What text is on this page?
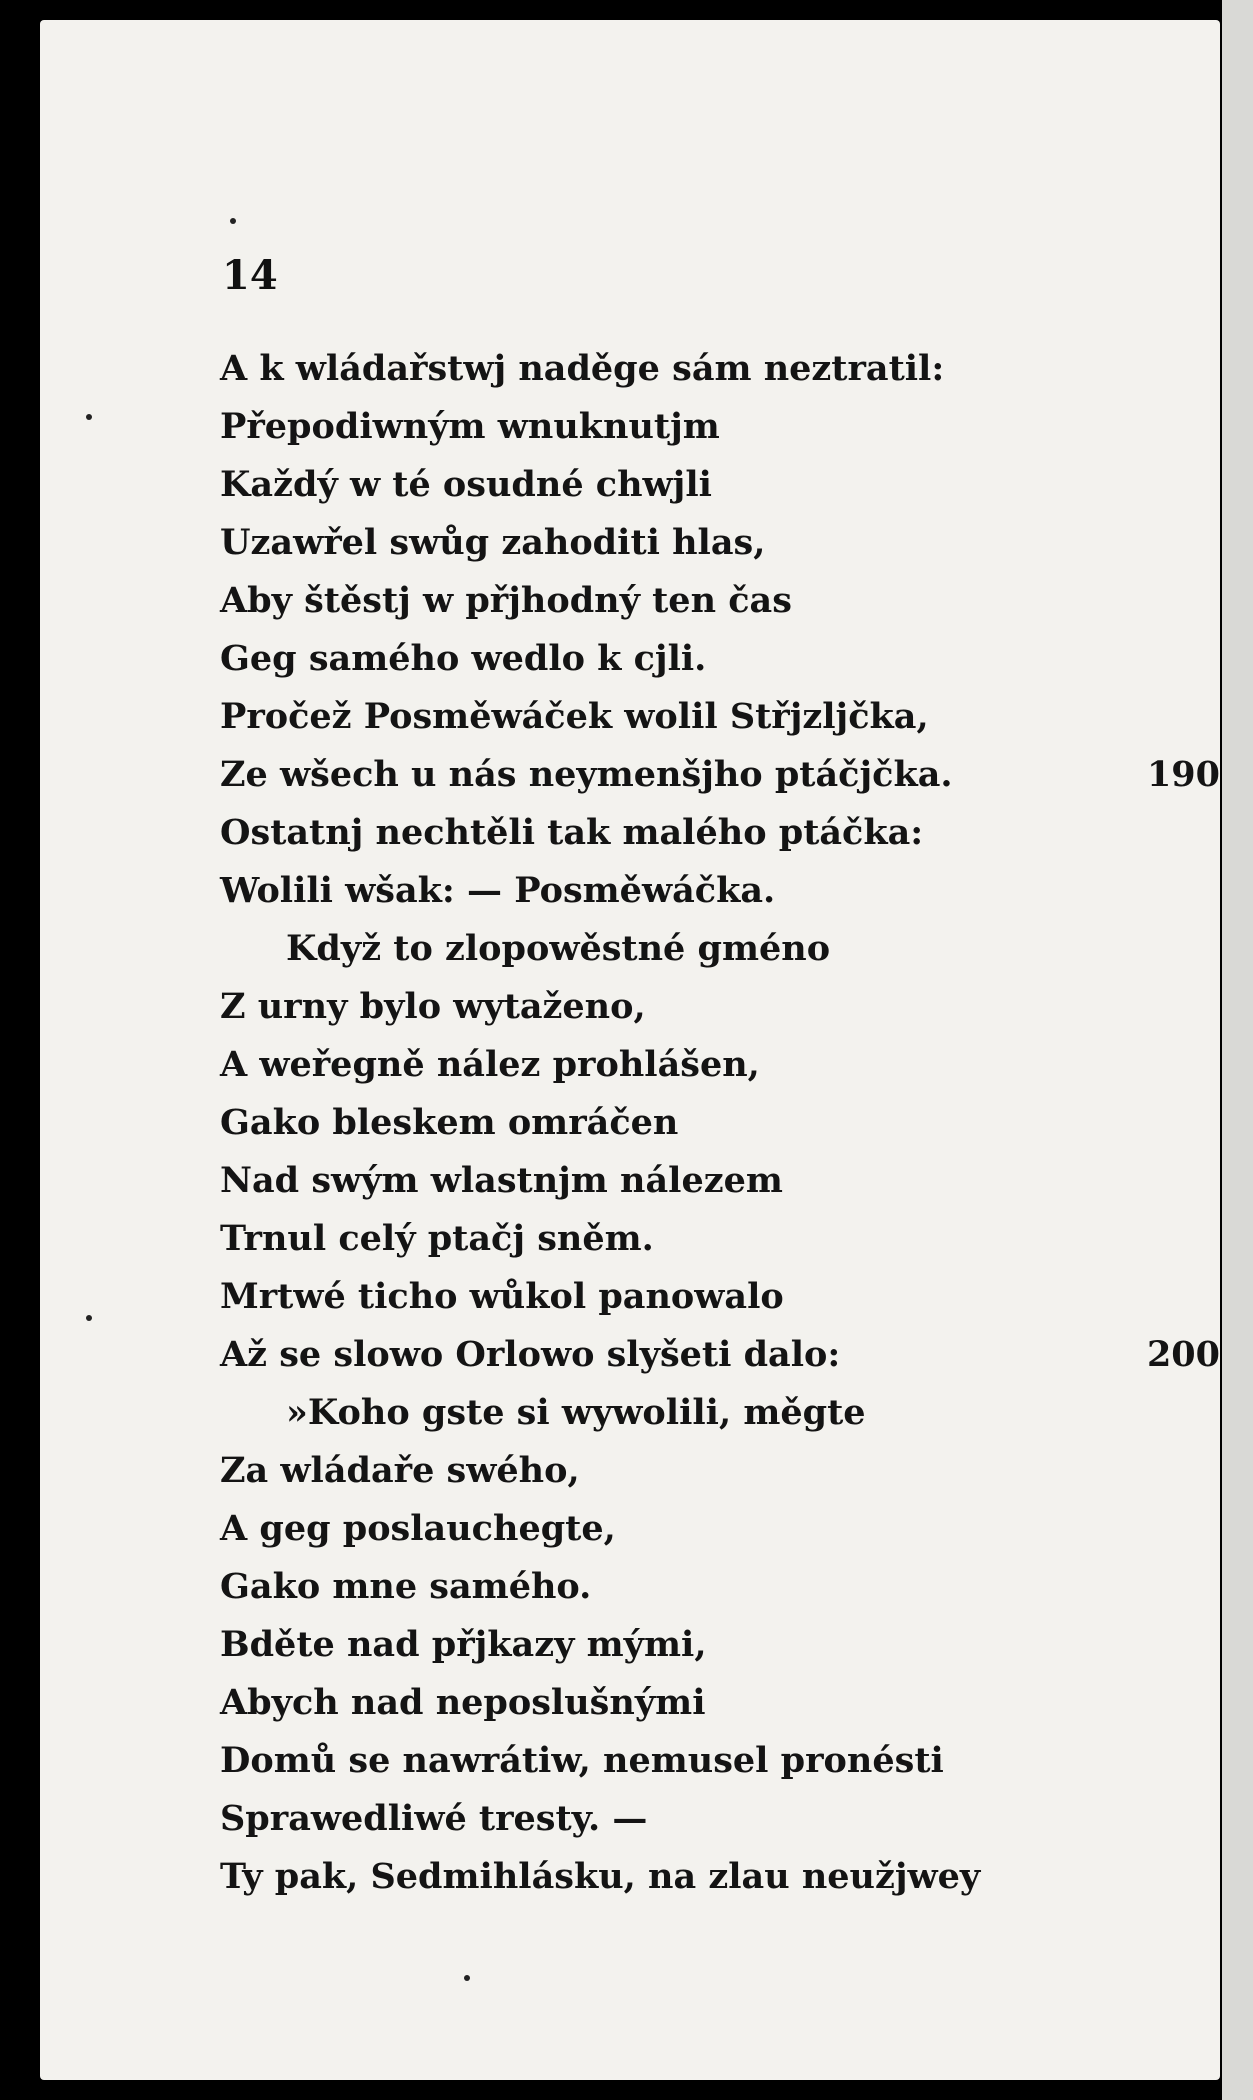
14
A k wládařstwj naděge sám neztratil:
Přepodiwným wnuknutjm
Každý w té osudné chwjli
Uzawřel swůg zahoditi hlas,
Aby štěstj w přjhodný ten čas
Geg samého wedlo k cjli.
Pročež Posměwáček wolil Střjzljčka,
Ze wšech u nás neymenšjho ptáčjčka.	190
Ostatnj nechtěli tak malého ptáčka:
Wolili wšak: — Posměwáčka.
Když to zlopowěstné gméno
Z urny bylo wytaženo,
A weřegně nález prohlášen,
Gako bleskem omráčen
Nad swým wlastnjm nálezem
Trnul celý ptačj sněm.
Mrtwé ticho wůkol panowalo
Až se slowo Orlowo slyšeti dalo:	200
»Koho gste si wywolili, měgte
Za wládaře swého,
A geg poslauchegte,
Gako mne samého.
Bděte nad přjkazy mými,
Abych nad neposlušnými
Domů se nawrátiw, nemusel pronésti
Sprawedliwé tresty. —
Ty pak, Sedmihlásku, na zlau neužjwey
